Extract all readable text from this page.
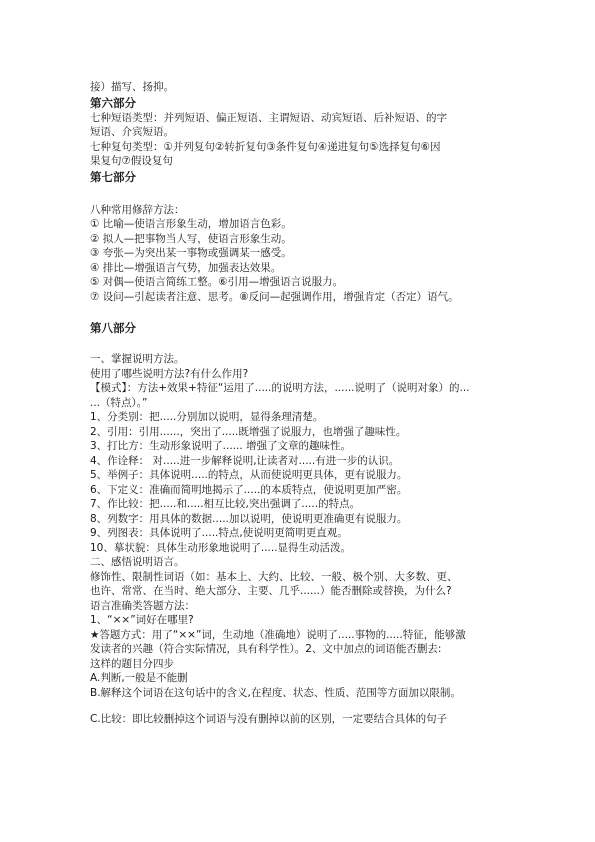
接）描写、扬抑。
第六部分
七种短语类型：并列短语、偏正短语、主谓短语、动宾短语、后补短语、的字
短语、介宾短语。
七种复句类型：①并列复句②转折复句③条件复句④递进复句⑤选择复句⑥因
果复句⑦假设复句
第七部分
八种常用修辞方法：
① 比喻—使语言形象生动，增加语言色彩。
② 拟人—把事物当人写，使语言形象生动。
③ 夸张—为突出某一事物或强调某一感受。
④ 排比—增强语言气势，加强表达效果。
⑤ 对偶—使语言简练工整。⑥引用—增强语言说服力。
⑦ 设问—引起读者注意、思考。⑧反问—起强调作用，增强肯定（否定）语气。
第八部分
一、掌握说明方法。
使用了哪些说明方法?有什么作用?
【模式】：方法+效果+特征“运用了.....的说明方法，......说明了（说明对象）的...
...（特点）。”
1、分类别：把.....分别加以说明，显得条理清楚。
2、引用：引用......，突出了.....既增强了说服力，也增强了趣味性。
3、打比方：生动形象说明了...... 增强了文章的趣味性。
4、作诠释： 对.....进一步解释说明,让读者对.....有进一步的认识。
5、举例子：具体说明.....的特点，从而使说明更具体，更有说服力。
6、下定义：准确而简明地揭示了.....的本质特点，使说明更加严密。
7、作比较：把.....和.....相互比较,突出强调了.....的特点。
8、列数字：用具体的数据.....加以说明，使说明更准确更有说服力。
9、列图表：具体说明了.....特点,使说明更简明更直观。
10、摹状貌：具体生动形象地说明了.....显得生动活泼。
二、感悟说明语言。
修饰性、限制性词语（如：基本上、大约、比较、一般、极个别、大多数、更、
也许、常常、在当时、绝大部分、主要、几乎......）能否删除或替换，为什么?
语言准确类答题方法：
1、“××”词好在哪里?
★答题方式：用了“××”词，生动地（准确地）说明了.....事物的.....特征，能够激
发读者的兴趣（符合实际情况，具有科学性）。2、文中加点的词语能否删去:
这样的题目分四步
A.判断,一般是不能删
B.解释这个词语在这句话中的含义,在程度、状态、性质、范围等方面加以限制。
C.比较：即比较删掉这个词语与没有删掉以前的区别，一定要结合具体的句子
